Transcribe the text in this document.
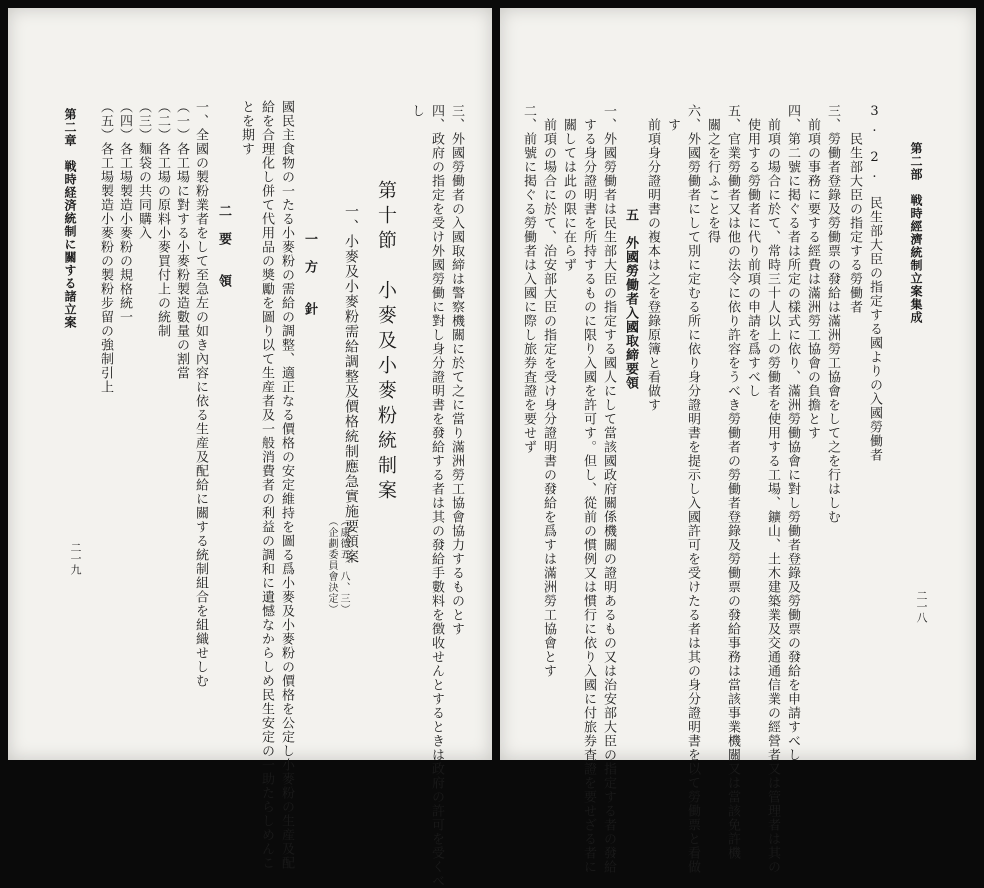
第二章　戦時経済統制に關する諸立案
二一九
（五）各工場製造小麥粉の製粉步留の強制引上 （四）各工場製造小麥粉の規格統一 （三）麵袋の共同購入 （二）各工場の原料小麥買付上の統制 （一）各工場に對する小麥粉製造數量の割當 一、全國の製粉業者をして至急左の如き內容に依る生産及配給に關する統制組合を組織せしむ 二　要　　領
とを期す 給を合理化し併て代用品の奬勵を圖り以て生産者及一般消費者の利益の調和に遺憾なからしめ民生安定の一助たらしめんこ 國民主食物の一たる小麥粉の需給の調整、適正なる價格の安定維持を圖る爲小麥及小麥粉の價格を公定し小麥粉の生産及配 一　方　　針
（企劃委員會決定） （康德五、八、三）
一、小麥及小麥粉需給調整及價格統制應急實施要領案 第十節　小麥及小麥粉統制案
し 四、政府の指定を受け外國勞働に對し身分證明書を發給する者は其の發給手數料を徴收せんとするときは政府の許可を受くべ 三、外國勞働者の入國取締は警察機關に於て之に當り滿洲勞工協會協力するものとす	二、前號に掲ぐる勞働者は入國に際し旅券査證を要せず 　前項の場合に於て、治安部大臣の指定を受け身分證明書の發給を爲すは滿洲勞工協會とす 　關しては此の限に在らず 　する身分證明書を所持するものに限り入國を許可す。但し、從前の慣例又は慣行に依り入國に付旅券査證を要せざる者に 一、外國勞働者は民生部大臣の指定する國人にして當該國政府關係機關の證明あるもの又は治安部大臣の指定する者の發給 五　外國勞働者入國取締要領 　前項身分證明書の複本は之を登錄原簿と看做す 　す 六、外國勞働者にして別に定むる所に依り身分證明書を提示し入國許可を受けたる者は其の身分證明書を以て勞働票と看做 　關之を行ふことを得 五、官業勞働者又は他の法令に依り許容をうべき勞働者の勞働者登錄及勞働票の發給事務は當該事業機關又は當該免許機 　使用する勞働者に代り前項の申請を爲すべし 　前項の場合に於て、常時三十人以上の勞働者を使用する工場、鑛山、土木建築業及交通通信業の經營者又は管理者は其の 四、第二號に掲ぐる者は所定の樣式に依り、滿洲勞働協會に對し勞働者登錄及勞働票の發給を申請すべし 　前項の事務に要する經費は滿洲勞工協會の負擔とす 三、勞働者登錄及勞働票の發給は滿洲勞工協會をして之を行はしむ 　　民生部大臣の指定する勞働者 3.　2.　民生部大臣の指定する國よりの入國勞働者 第二部　戦時經濟統制立案集成
二一八
